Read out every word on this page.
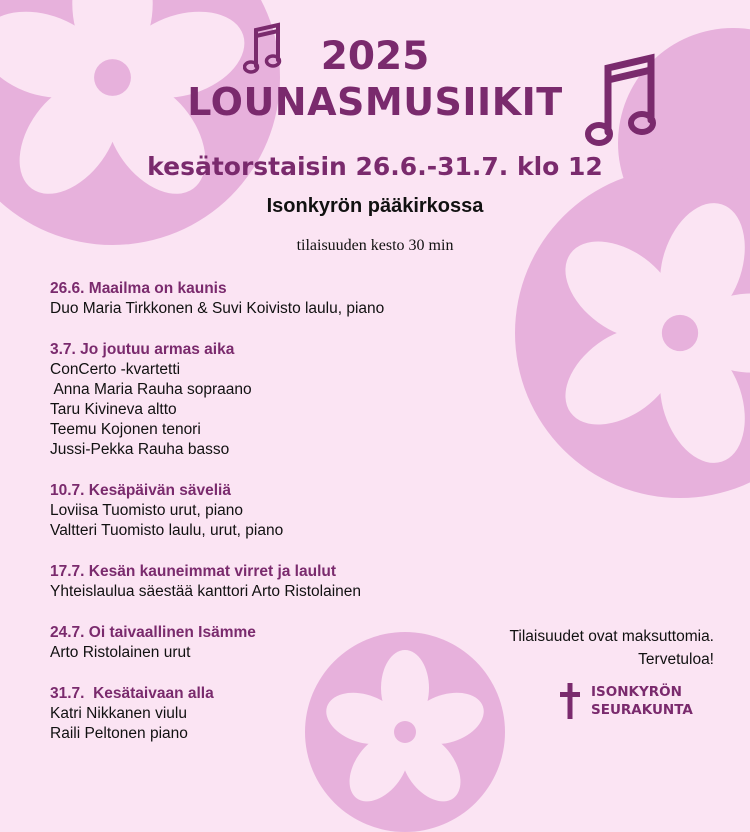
2025
LOUNASMUSIIKIT
kesätorstaisin 26.6.-31.7. klo 12
Isonkyrön pääkirkossa
tilaisuuden kesto 30 min
26.6. Maailma on kaunis
Duo Maria Tirkkonen & Suvi Koivisto laulu, piano
3.7. Jo joutuu armas aika
ConCerto -kvartetti
Anna Maria Rauha sopraano
Taru Kivineva altto
Teemu Kojonen tenori
Jussi-Pekka Rauha basso
10.7. Kesäpäivän säveliä
Loviisa Tuomisto urut, piano
Valtteri Tuomisto laulu, urut, piano
17.7. Kesän kauneimmat virret ja laulut
Yhteislaulua säestää kanttori Arto Ristolainen
24.7. Oi taivaallinen Isämme
Arto Ristolainen urut
31.7.  Kesätaivaan alla
Katri Nikkanen viulu
Raili Peltonen piano
Tilaisuudet ovat maksuttomia.
Tervetuloa!
ISONKYRÖN
SEURAKUNTA
